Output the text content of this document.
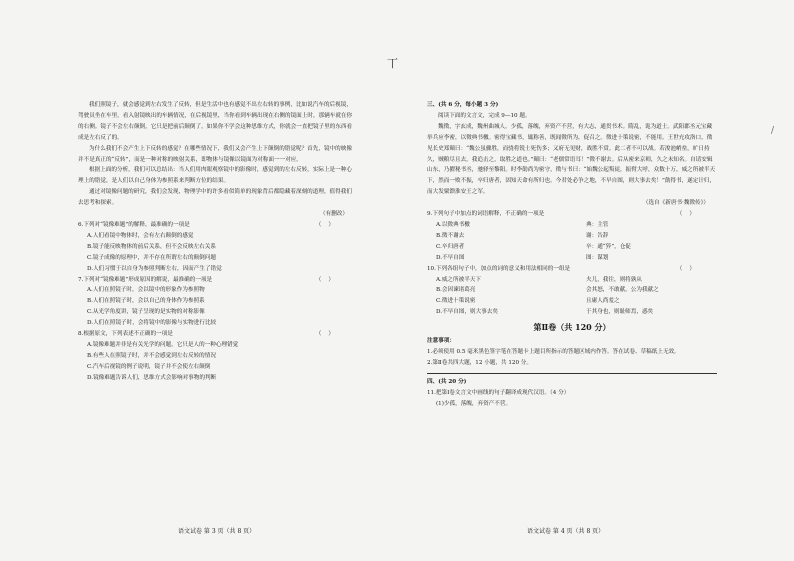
丅
/

我们照镜子，就会感觉到左右发生了反转，但是生活中也有感觉不出左右转的事例，比如说汽车的后视镜，驾驶员坐在车里，看入射镜映出的车辆情况，在后视镜里，当你看到车辆出现在右侧的镜面上时，那辆车就在你的右侧。镜子不会左右颠倒，它只是把前后颠倒了。如果你不学会这种思维方式，你就会一直把镜子里的东西看成是左右反了的。

为什么我们不会产生上下反转的感觉？在哪些情况下，我们又会产生上下颠倒的错觉呢？首先，镜中的映像并不是真正的“反转”，而是一种对称的映射关系，即物体与镜像以镜面为对称面一一对应。

根据上面的分析，我们可以总结出：当人们用肉眼观察镜中的影像时，感觉到的左右反转，实际上是一种心理上的错觉，是人们以自己身体为参照系来判断方位的结果。

通过对镜像问题的研究，我们会发现，物理学中的许多看似简单的现象背后都隐藏着深刻的道理，值得我们去思考和探索。

（有删改）

6.下列对“镜像难题”的解释，最准确的一项是	（    ）

A.人们看镜中物体时，会有左右颠倒的感觉

B.镜子能反映物体的前后关系，但不会反映左右关系

C.镜子成像的原理中，并不存在所谓左右的颠倒问题

D.人们习惯于以自身为参照判断左右，因而产生了错觉

7.下列对“镜像难题”形成原因的解说，最准确的一项是	（    ）

A.人们在照镜子时，会以镜中的形象作为参照物

B.人们在照镜子时，会以自己的身体作为参照系

C.从光学角度讲，镜子呈现的是实物的对称影像

D.人们在照镜子时，会将镜中的影像与实物进行比较

8.根据原文，下列表述不正确的一项是	（    ）

A.镜像难题并非是有关光学的问题，它只是人的一种心理错觉

B.有些人在照镜子时，并不会感觉到左右反转的情况

C.汽车后视镜的例子说明，镜子并不会使左右颠倒

D.镜像难题告诉人们，思维方式会影响对事物的判断

语文试卷 第 3 页（共 8 页）

三、(共 6 分，每小题 3 分)

阅读下面的文言文，完成 9—10 题。

魏徵，字玄成，魏州曲城人。少孤，落魄，弃资产不营，有大志，通贯书术。隋乱，诡为道士。武阳郡丞元宝藏举兵应李密，以徵典书檄。密得宝藏书，辄称善，既闻徵所为，促召之。徵进十策说密，不能用。王世充攻洛口，徵见长史郑颋曰：“魏公虽骤胜，而骁将锐士死伤多；又府无见财，战胜不赏。此二者不可以战。若浚池峭垒，旷日持久，贼粮尽且去，我追击之，取胜之道也。”颋曰：“老儒常语耳！”徵不谢去。后从密来京师，久之未知名。自请安辑山东，乃擢秘书丞，驰驿至黎阳。时李勣尚为密守，徵与书曰：“始魏公起叛徒，振臂大呼，众数十万，威之所被半天下，然而一败不振，卒归唐者，固知天命有所归也。今君处必争之地，不早自图，则大事去矣！”勣得书，遂定计归，而大发粟馈淮安王之军。

（选自《新唐书·魏徵传》）

9.下列句子中加点的词语解释，不正确的一项是	（    ）

A.以徵典书檄	典：主管
B.徵不谢去	谢：告辞
C.卒归唐者	卒：通“猝”，仓促
D.不早自图	图：谋划

10.下列各组句子中，加点的词的意义和用法相同的一组是	（    ）

A.威之所被半天下	夫儿，我往，则将孰从
B.会因谏诸葛亮	会其怒，不敢献，公为我献之
C.徵进十策说密	且庸人尚羞之
D.不早自图，则大事去矣	于其身也，则耻师焉，惑矣

第Ⅱ卷（共 120 分）

注意事项：

1.必须使用 0.5 毫米黑色签字笔在答题卡上题目所指示的答题区域内作答。答在试卷、草稿纸上无效。

2.第Ⅱ卷共四大题，12 小题，共 120 分。

四、(共 20 分)

11.把第Ⅰ卷文言文中画线的句子翻译成现代汉语。（4 分）

(1)少孤，落魄，弃资产不营。

语文试卷 第 4 页（共 8 页）
